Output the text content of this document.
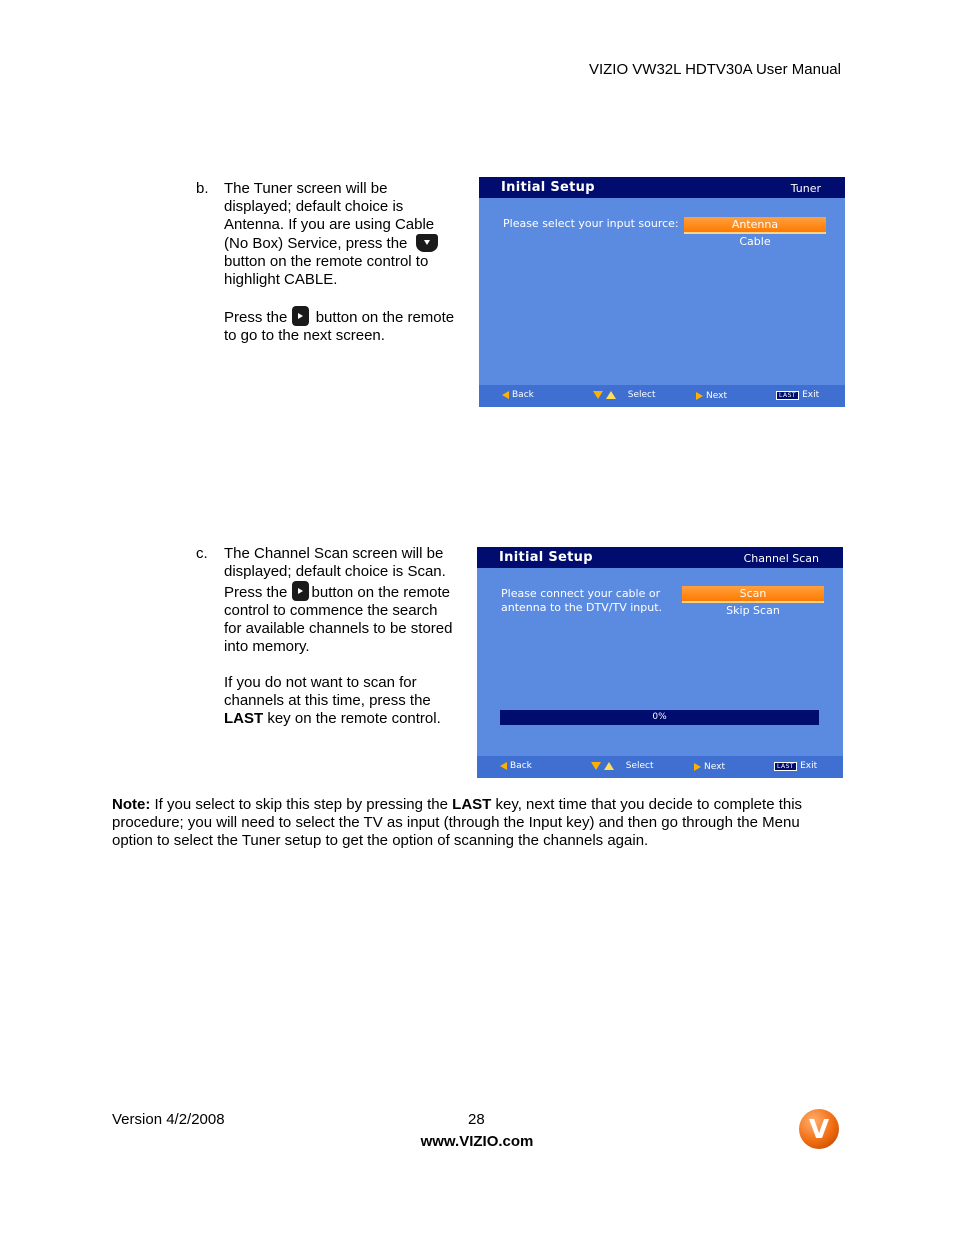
VIZIO VW32L HDTV30A User Manual
b. The Tuner screen will be

displayed; default choice is

Antenna. If you are using Cable

(No Box) Service, press the

button on the remote control to

highlight CABLE.

Press the button on the remote

to go to the next screen.

Initial Setup	Tuner
Please select your input source:	Antenna
Cable
Back
	Select	Next	LAST Exit
c. The Channel Scan screen will be

displayed; default choice is Scan.

Press the button on the remote

control to commence the search

for available channels to be stored

into memory.

If you do not want to scan for

channels at this time, press the

LAST key on the remote control.

Initial Setup	Channel Scan
Please connect your cable or
antenna to the DTV/TV input.
Scan
Skip Scan
0%
Back
	Select	Next	LAST Exit
Note: If you select to skip this step by pressing the LAST key, next time that you decide to complete this procedure; you will need to select the TV as input (through the Input key) and then go through the Menu option to select the Tuner setup to get the option of scanning the channels again.
Version 4/2/2008	28
www.VIZIO.com	V
